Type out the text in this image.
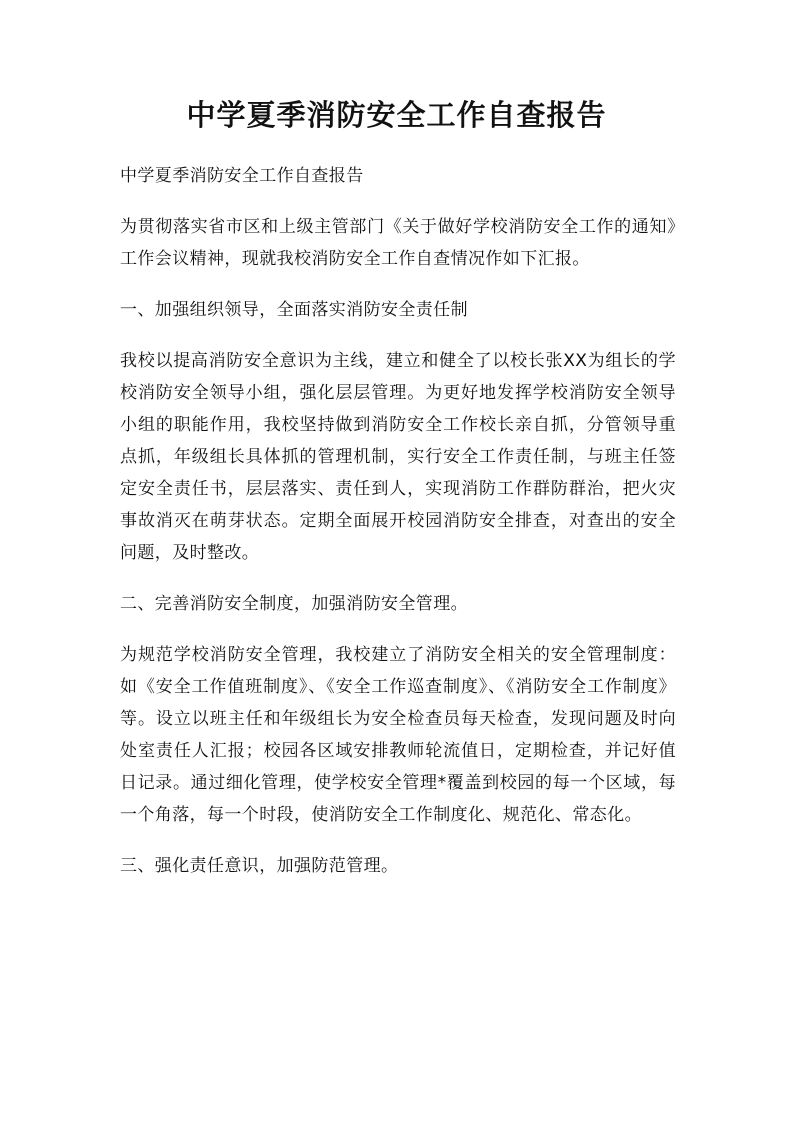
中学夏季消防安全工作自查报告

中学夏季消防安全工作自查报告

为贯彻落实省市区和上级主管部门《关于做好学校消防安全工作的通知》工作会议精神，现就我校消防安全工作自查情况作如下汇报。

一、加强组织领导，全面落实消防安全责任制

我校以提高消防安全意识为主线，建立和健全了以校长张XX为组长的学校消防安全领导小组，强化层层管理。为更好地发挥学校消防安全领导小组的职能作用，我校坚持做到消防安全工作校长亲自抓，分管领导重点抓，年级组长具体抓的管理机制，实行安全工作责任制，与班主任签定安全责任书，层层落实、责任到人，实现消防工作群防群治，把火灾事故消灭在萌芽状态。定期全面展开校园消防安全排查，对查出的安全问题，及时整改。

二、完善消防安全制度，加强消防安全管理。

为规范学校消防安全管理，我校建立了消防安全相关的安全管理制度：如《安全工作值班制度》、《安全工作巡查制度》、《消防安全工作制度》等。设立以班主任和年级组长为安全检查员每天检查，发现问题及时向处室责任人汇报；校园各区域安排教师轮流值日，定期检查，并记好值日记录。通过细化管理，使学校安全管理*覆盖到校园的每一个区域，每一个角落，每一个时段，使消防安全工作制度化、规范化、常态化。

三、强化责任意识，加强防范管理。
